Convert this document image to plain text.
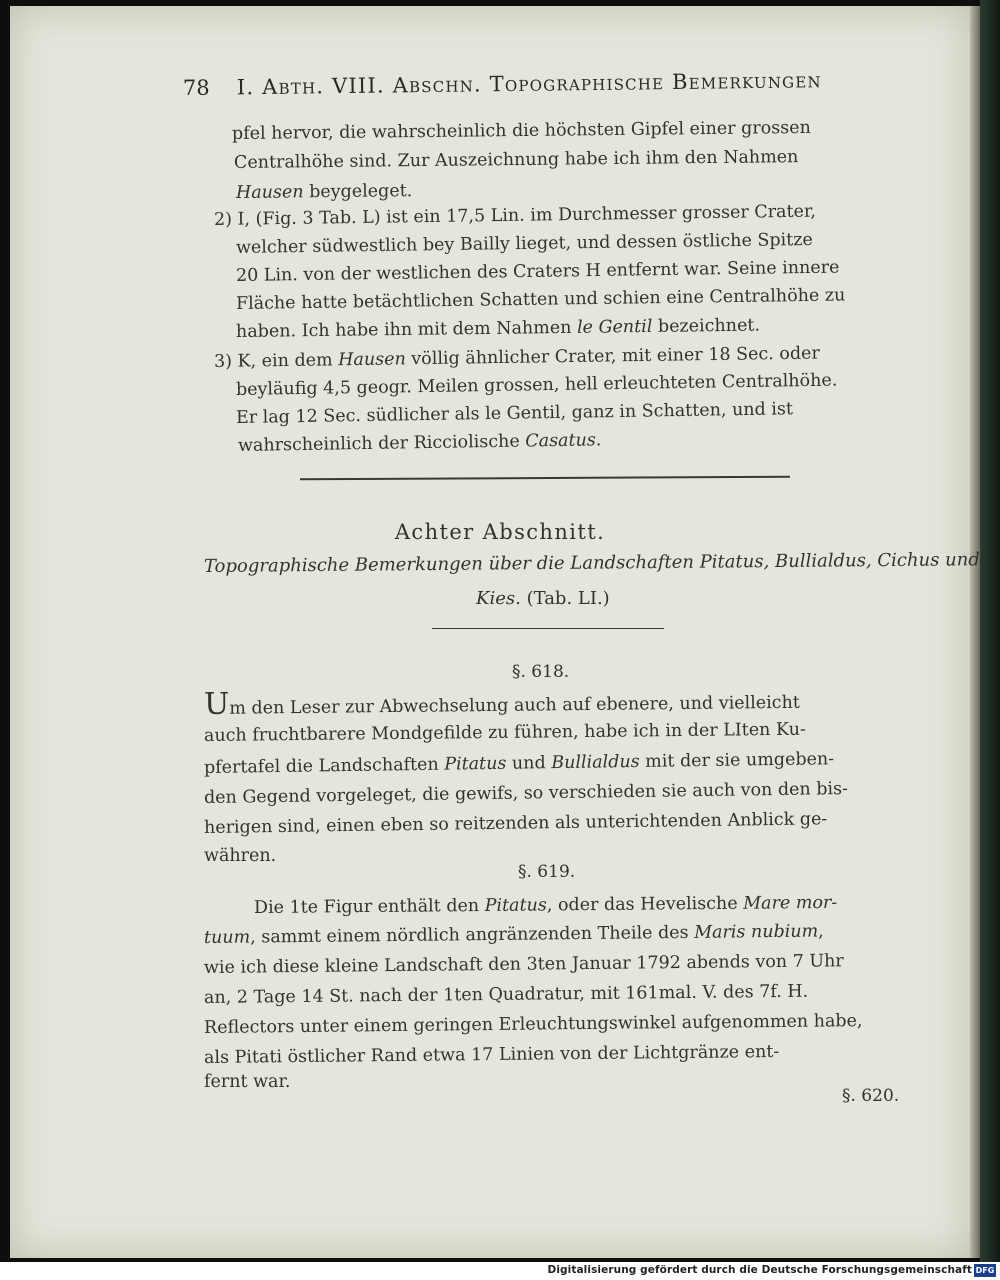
78 I. Abth. VIII. Abschn. Topographische Bemerkungen
pfel hervor, die wahrscheinlich die höchsten Gipfel einer grossen
Centralhöhe sind. Zur Auszeichnung habe ich ihm den Nahmen
Hausen beygeleget.
2) I, (Fig. 3 Tab. L) ist ein 17,5 Lin. im Durchmesser grosser Crater,
welcher südwestlich bey Bailly lieget, und dessen östliche Spitze
20 Lin. von der westlichen des Craters H entfernt war. Seine innere
Fläche hatte betächtlichen Schatten und schien eine Centralhöhe zu
haben. Ich habe ihn mit dem Nahmen le Gentil bezeichnet.
3) K, ein dem Hausen völlig ähnlicher Crater, mit einer 18 Sec. oder
beyläufig 4,5 geogr. Meilen grossen, hell erleuchteten Centralhöhe.
Er lag 12 Sec. südlicher als le Gentil, ganz in Schatten, und ist
wahrscheinlich der Ricciolische Casatus.
Achter Abschnitt.
Topographische Bemerkungen über die Landschaften Pitatus, Bullialdus, Cichus und
Kies. (Tab. LI.)
§. 618.
Um den Leser zur Abwechselung auch auf ebenere, und vielleicht
auch fruchtbarere Mondgefilde zu führen, habe ich in der LIten Ku-
pfertafel die Landschaften Pitatus und Bullialdus mit der sie umgeben-
den Gegend vorgeleget, die gewifs, so verschieden sie auch von den bis-
herigen sind, einen eben so reitzenden als unterichtenden Anblick ge-
währen.
§. 619.
Die 1te Figur enthält den Pitatus, oder das Hevelische Mare mor-
tuum, sammt einem nördlich angränzenden Theile des Maris nubium,
wie ich diese kleine Landschaft den 3ten Januar 1792 abends von 7 Uhr
an, 2 Tage 14 St. nach der 1ten Quadratur, mit 161mal. V. des 7f. H.
Reflectors unter einem geringen Erleuchtungswinkel aufgenommen habe,
als Pitati östlicher Rand etwa 17 Linien von der Lichtgränze ent-
fernt war.
§. 620.
Digitalisierung gefördert durch die Deutsche Forschungsgemeinschaft DFG
